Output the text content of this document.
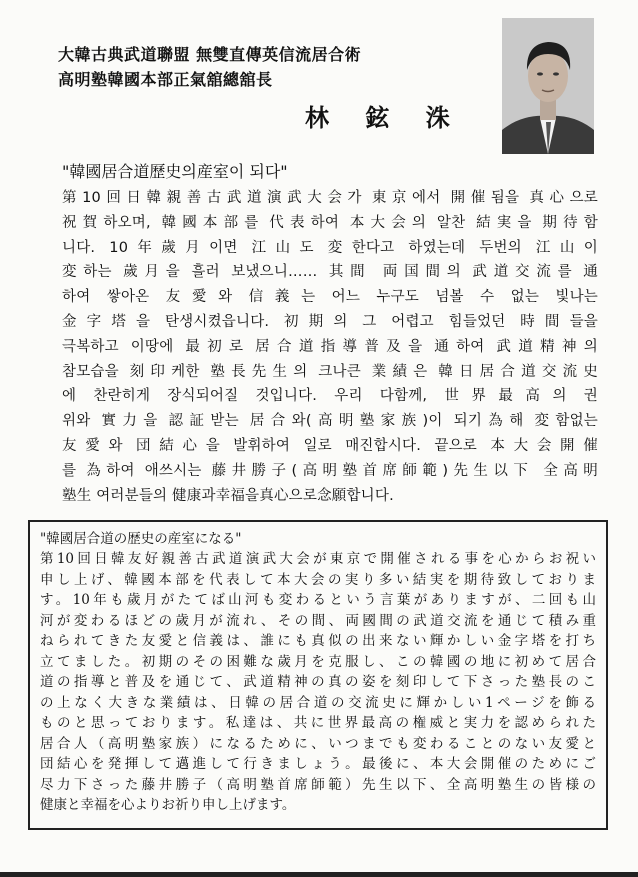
大韓古典武道聯盟 無雙直傳英信流居合術
高明塾韓國本部正氣舘總舘長
林 鉉 洙
"韓國居合道歷史의産室이 되다"
第10回日韓親善古武道演武大会가 東京에서 開催됨을 真心으로
祝賀하오며, 韓國本部를 代表하여 本大会의 알찬 結実을 期待함
니다. 10年歲月이면 江山도 変한다고 하였는데 두번의 江山이
変하는 歲月을 흘러 보냈으니…… 其間 両国間의 武道交流를 通
하여 쌓아온 友愛와 信義는 어느 누구도 넘볼 수 없는 빛나는
金字塔을 탄생시켰읍니다. 初期의 그 어렵고 힘들었던 時間들을
극복하고 이땅에 最初로 居合道指導普及을 通하여 武道精神의
참모습을 刻印케한 塾長先生의 크나큰 業績은 韓日居合道交流史
에 찬란히게 장식되어질 것입니다. 우리 다함께, 世界最高의 권
위와 實力을 認証받는 居合와(高明塾家族)이 되기為해 変함없는
友愛와 団結心을 발휘하여 일로 매진합시다. 끝으로 本大会開催
를 為하여 애쓰시는 藤井勝子(高明塾首席師範)先生以下 全高明
塾生 여러분들의 健康과幸福을真心으로念願합니다.
"韓國居合道の歴史の産室になる"
第10回日韓友好親善古武道演武大会が東京で開催される事を心からお祝い
申し上げ、韓國本部を代表して本大会の実り多い結実を期待致しておりま
す。10年も歲月がたてば山河も変わるという言葉がありますが、二回も山
河が変わるほどの歲月が流れ、その間、両國間の武道交流を通じて積み重
ねられてきた友愛と信義は、誰にも真似の出来ない輝かしい金字塔を打ち
立てました。初期のその困難な歲月を克服し、この韓國の地に初めて居合
道の指導と普及を通じて、武道精神の真の姿を刻印して下さった塾長のこ
の上なく大きな業績は、日韓の居合道の交流史に輝かしい1ページを飾る
ものと思っております。私達は、共に世界最高の権威と実力を認められた
居合人（高明塾家族）になるために、いつまでも変わることのない友愛と
団結心を発揮して邁進して行きましょう。最後に、本大会開催のためにご
尽力下さった藤井勝子（高明塾首席師範）先生以下、全高明塾生の皆様の
健康と幸福を心よりお祈り申し上げます。
